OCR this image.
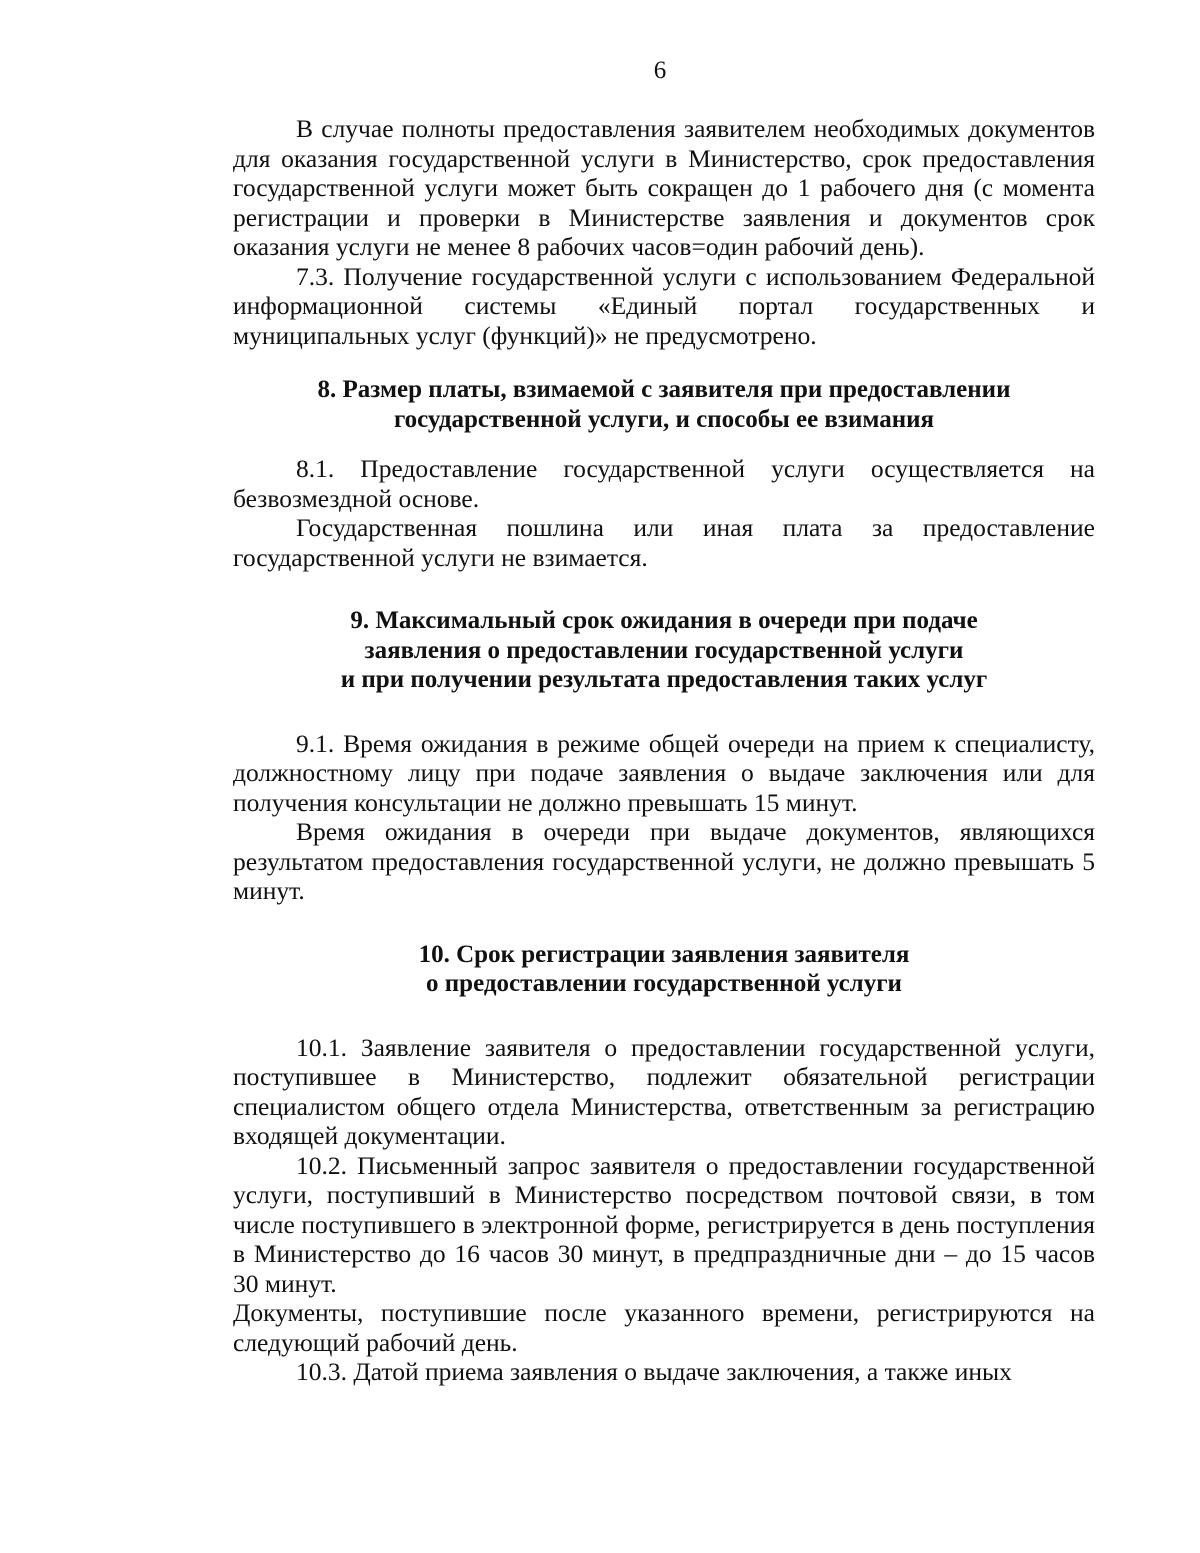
6

В случае полноты предоставления заявителем необходимых документов для оказания государственной услуги в Министерство, срок предоставления государственной услуги может быть сокращен до 1 рабочего дня (с момента регистрации и проверки в Министерстве заявления и документов срок оказания услуги не менее 8 рабочих часов=один рабочий день).

7.3. Получение государственной услуги с использованием Федеральной информационной системы «Единый портал государственных и муниципальных услуг (функций)» не предусмотрено.

8. Размер платы, взимаемой с заявителя при предоставлении
государственной услуги, и способы ее взимания

8.1. Предоставление государственной услуги осуществляется на безвозмездной основе.

Государственная пошлина или иная плата за предоставление государственной услуги не взимается.

9. Максимальный срок ожидания в очереди при подаче
заявления о предоставлении государственной услуги
и при получении результата предоставления таких услуг

9.1. Время ожидания в режиме общей очереди на прием к специалисту, должностному лицу при подаче заявления о выдаче заключения или для получения консультации не должно превышать 15 минут.

Время ожидания в очереди при выдаче документов, являющихся результатом предоставления государственной услуги, не должно превышать 5 минут.

10. Срок регистрации заявления заявителя
о предоставлении государственной услуги

10.1. Заявление заявителя о предоставлении государственной услуги, поступившее в Министерство, подлежит обязательной регистрации специалистом общего отдела Министерства, ответственным за регистрацию входящей документации.

10.2. Письменный запрос заявителя о предоставлении государственной услуги, поступивший в Министерство посредством почтовой связи, в том числе поступившего в электронной форме, регистрируется в день поступления в Министерство до 16 часов 30 минут, в предпраздничные дни – до 15 часов 30 минут.

Документы, поступившие после указанного времени, регистрируются на следующий рабочий день.

10.3. Датой приема заявления о выдаче заключения, а также иных
